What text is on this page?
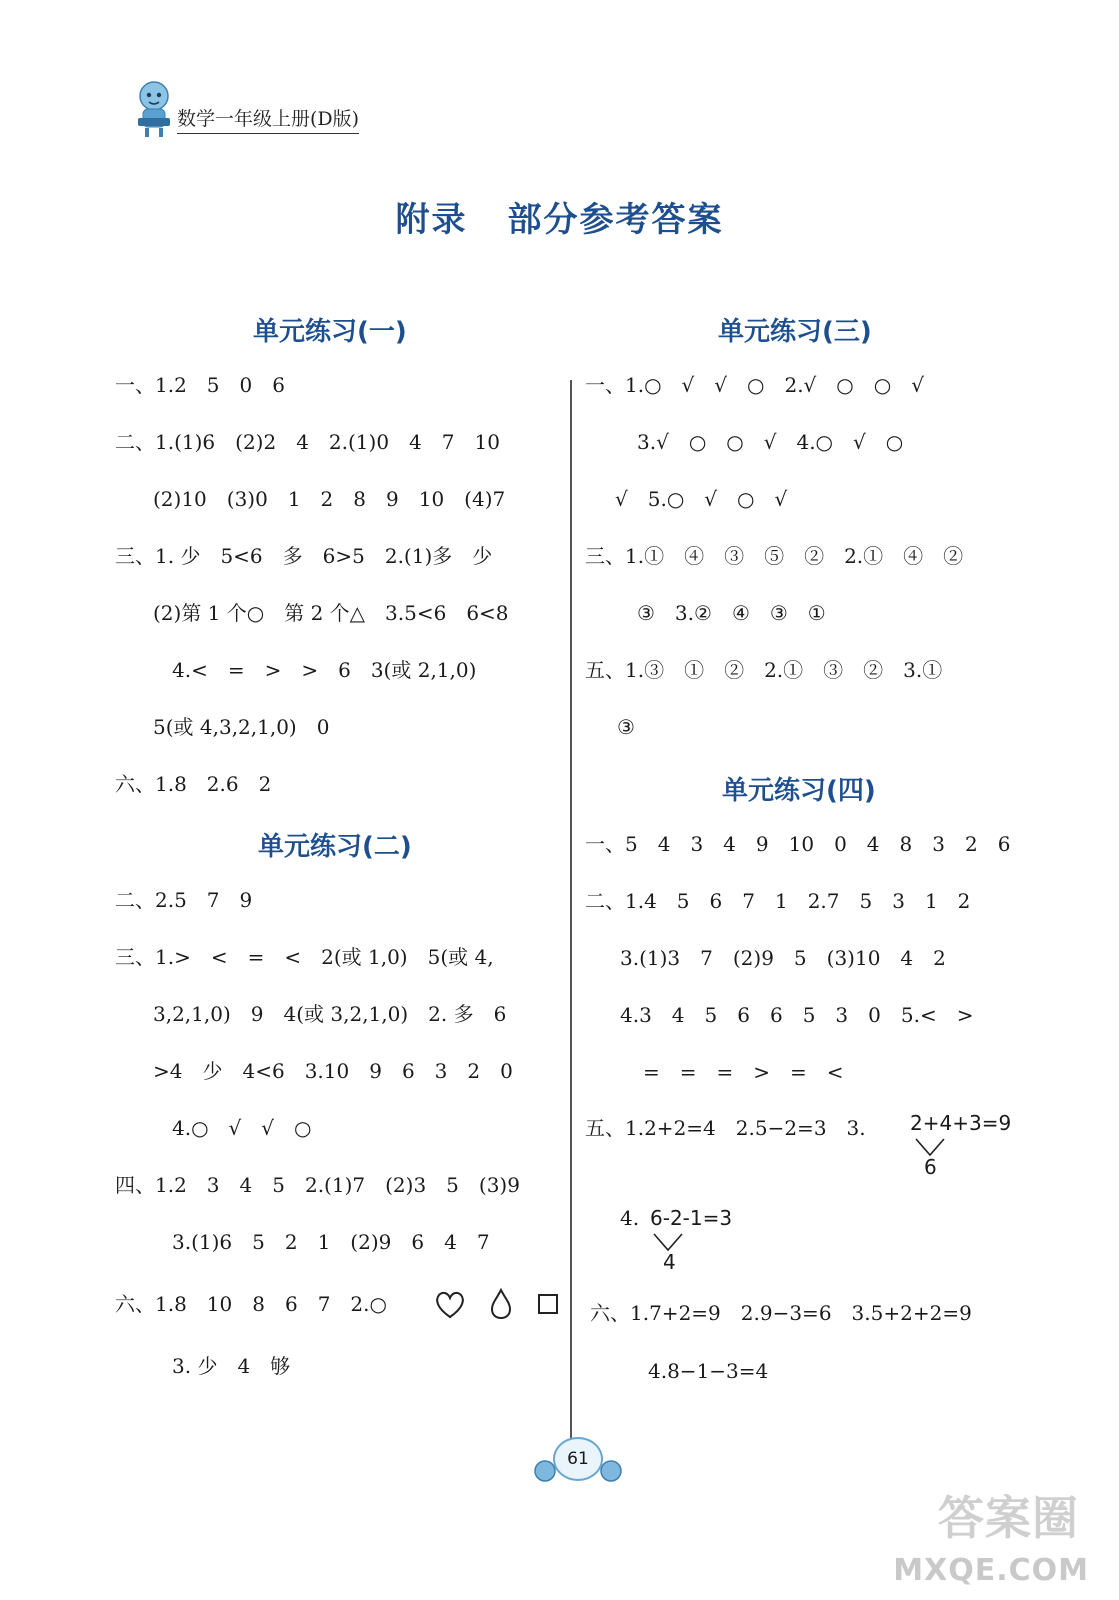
数学一年级上册(D版)
附录 部分参考答案
单元练习(一)
一、1.2　5　0　6
二、1.(1)6　(2)2　4　2.(1)0　4　7　10
(2)10　(3)0　1　2　8　9　10　(4)7
三、1. 少　5<6　多　6>5　2.(1)多　少
(2)第 1 个○　第 2 个△　3.5<6　6<8
4.<　=　>　>　6　3(或 2,1,0)
5(或 4,3,2,1,0)　0
六、1.8　2.6　2
单元练习(二)
二、2.5　7　9
三、1.>　<　=　<　2(或 1,0)　5(或 4,
3,2,1,0)　9　4(或 3,2,1,0)　2. 多　6
>4　少　4<6　3.10　9　6　3　2　0
4.○　√　√　○
四、1.2　3　4　5　2.(1)7　(2)3　5　(3)9
3.(1)6　5　2　1　(2)9　6　4　7
六、1.8　10　8　6　7　2.○
3. 少　4　够
单元练习(三)
一、1.○　√　√　○　2.√　○　○　√
3.√　○　○　√　4.○　√　○
√　5.○　√　○　√
三、1.①　④　③　⑤　②　2.①　④　②
③　3.②　④　③　①
五、1.③　①　②　2.①　③　②　3.①
③
单元练习(四)
一、5　4　3　4　9　10　0　4　8　3　2　6
二、1.4　5　6　7　1　2.7　5　3　1　2
3.(1)3　7　(2)9　5　(3)10　4　2
4.3　4　5　6　6　5　3　0　5.<　>
=　=　=　>　=　<
五、1.2+2=4　2.5−2=3　3. 2+4+3=9
6
4. 6-2-1=3
4
六、1.7+2=9　2.9−3=6　3.5+2+2=9
4.8−1−3=4
61
答案圈
MXQE.COM
